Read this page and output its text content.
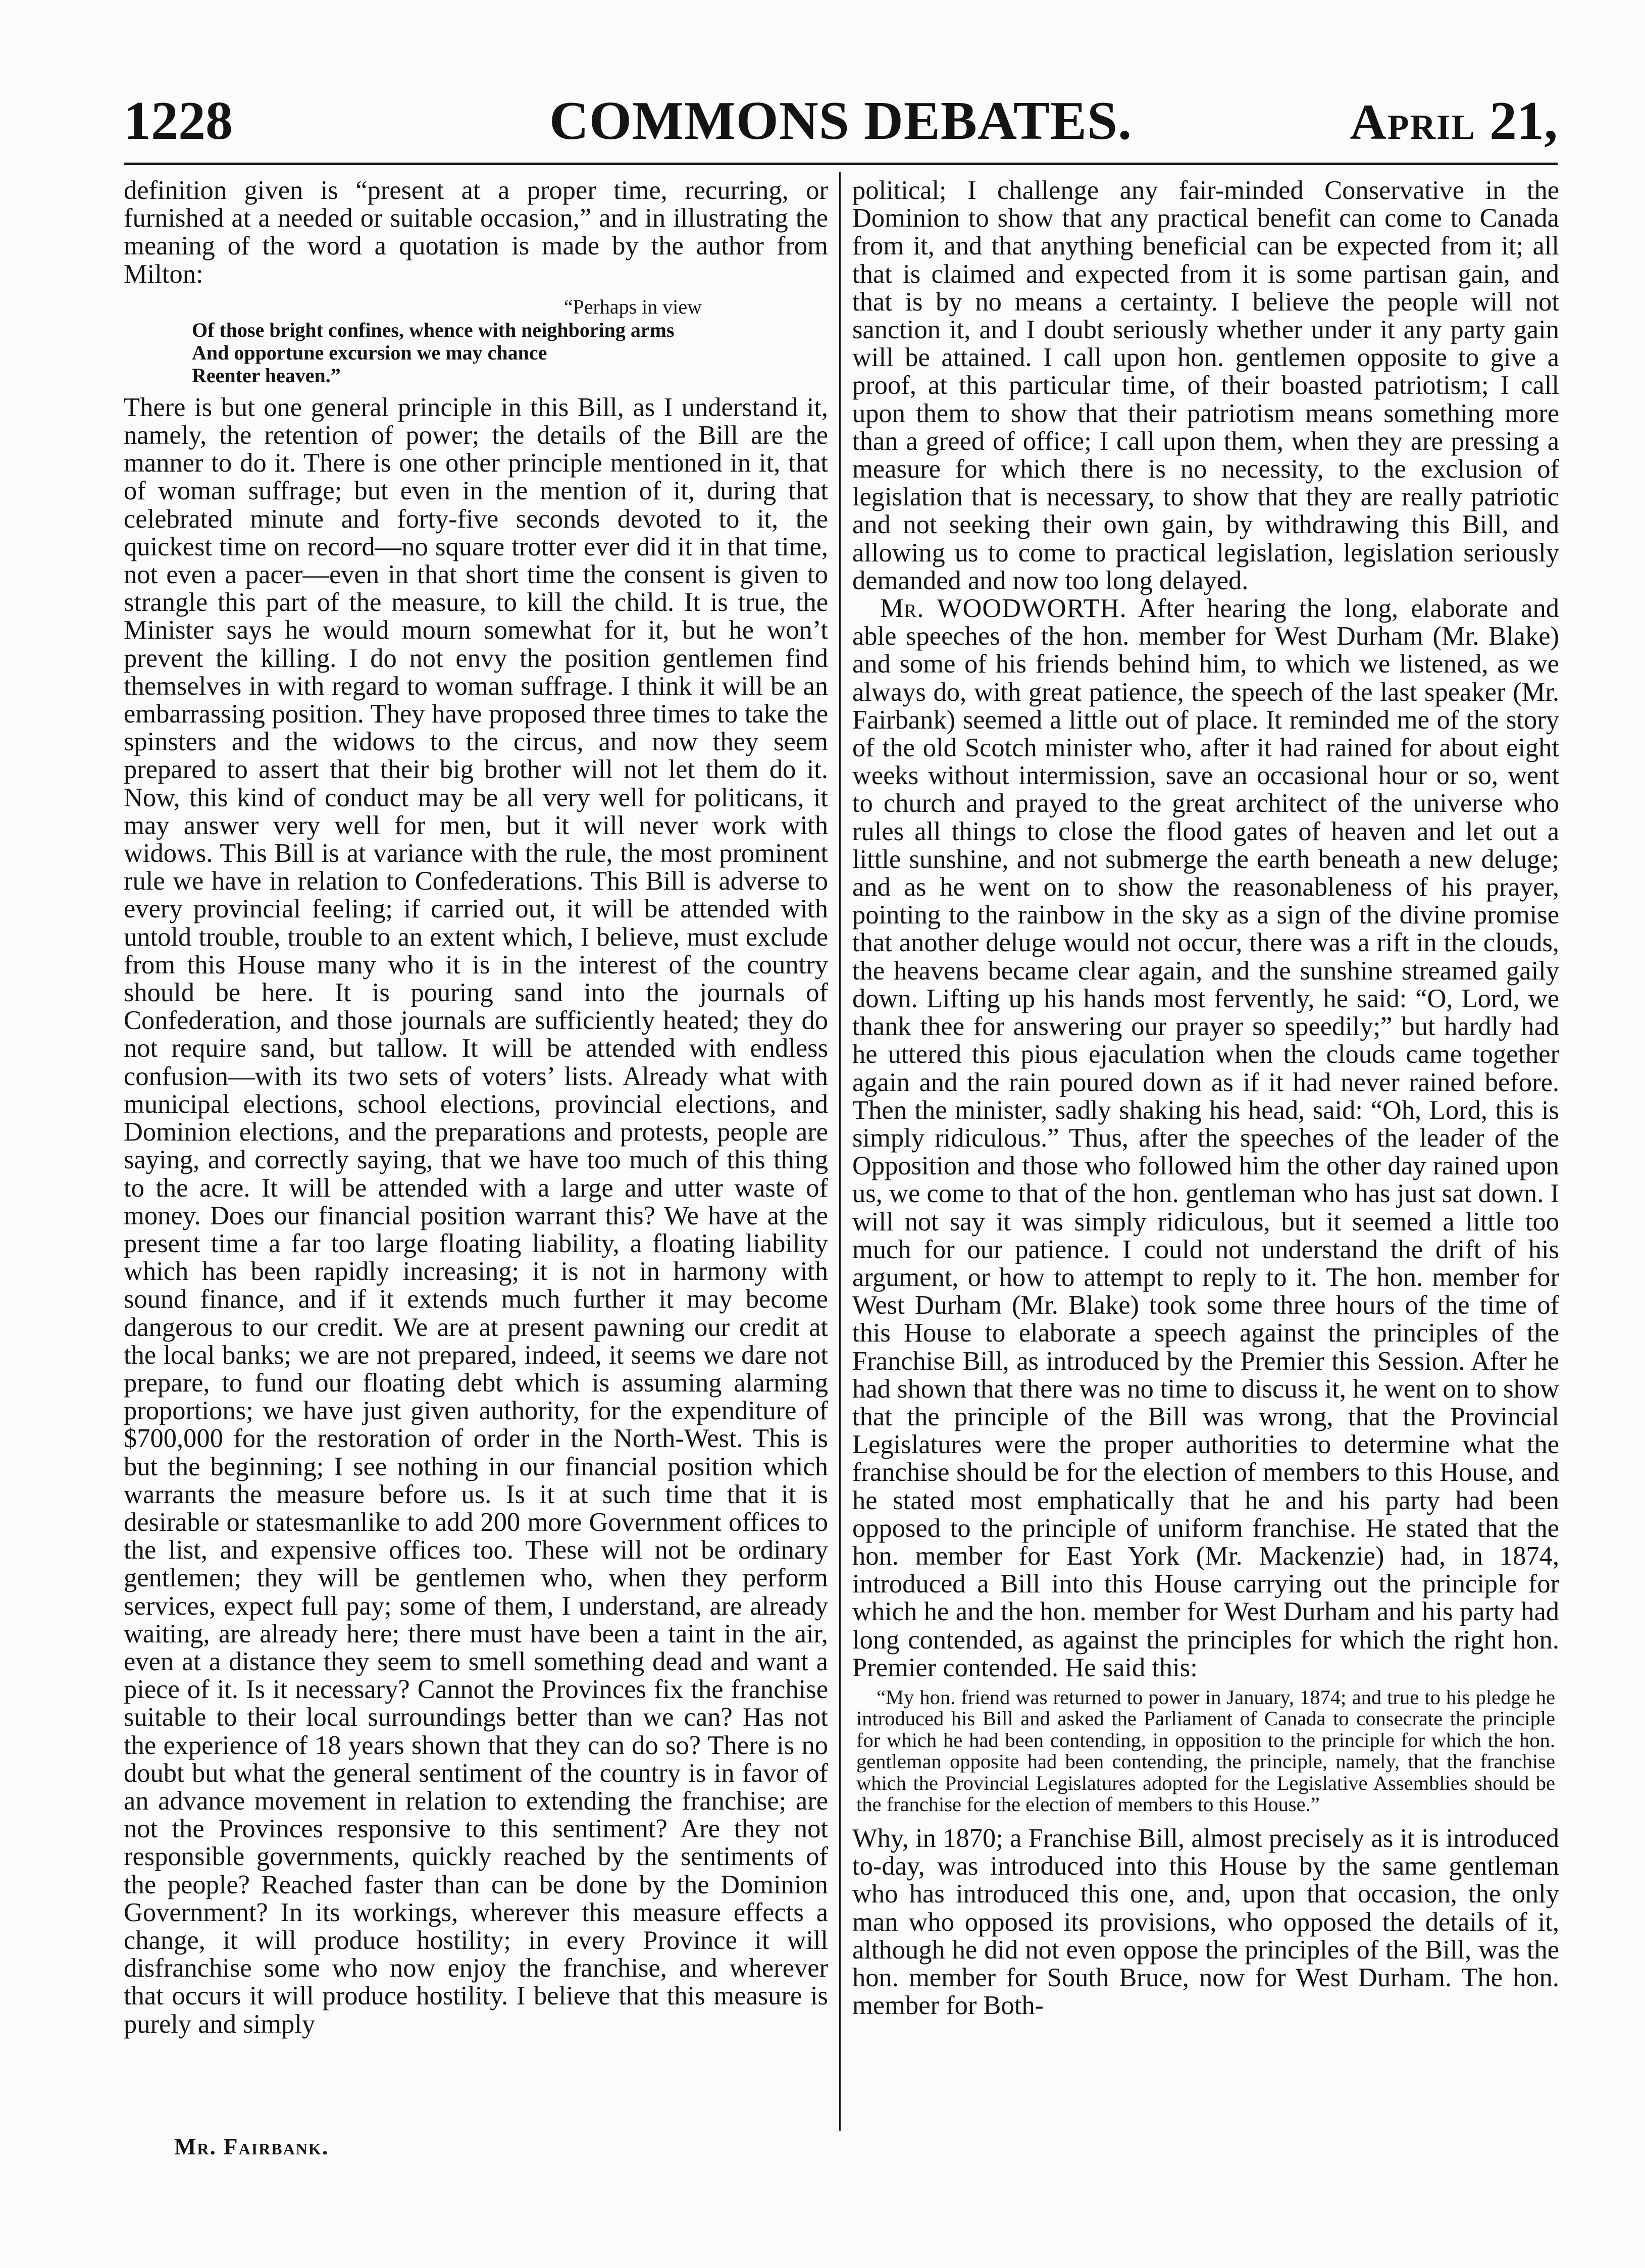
1228	COMMONS DEBATES.	April 21,

definition given is “present at a proper time, recurring, or furnished at a needed or suitable occasion,” and in illustrating the meaning of the word a quotation is made by the author from Milton:

“Perhaps in view
Of those bright confines, whence with neighboring arms
And opportune excursion we may chance
Reenter heaven.”

There is but one general principle in this Bill, as I understand it, namely, the retention of power; the details of the Bill are the manner to do it. There is one other principle mentioned in it, that of woman suffrage; but even in the mention of it, during that celebrated minute and forty-five seconds devoted to it, the quickest time on record—no square trotter ever did it in that time, not even a pacer—even in that short time the consent is given to strangle this part of the measure, to kill the child. It is true, the Minister says he would mourn somewhat for it, but he won’t prevent the killing. I do not envy the position gentlemen find themselves in with regard to woman suffrage. I think it will be an embarrassing position. They have proposed three times to take the spinsters and the widows to the circus, and now they seem prepared to assert that their big brother will not let them do it. Now, this kind of conduct may be all very well for politicans, it may answer very well for men, but it will never work with widows. This Bill is at variance with the rule, the most prominent rule we have in relation to Confederations. This Bill is adverse to every provincial feeling; if carried out, it will be attended with untold trouble, trouble to an extent which, I believe, must exclude from this House many who it is in the interest of the country should be here. It is pouring sand into the journals of Confederation, and those journals are sufficiently heated; they do not require sand, but tallow. It will be attended with endless confusion—with its two sets of voters’ lists. Already what with municipal elections, school elections, provincial elections, and Dominion elections, and the preparations and protests, people are saying, and correctly saying, that we have too much of this thing to the acre. It will be attended with a large and utter waste of money. Does our financial position warrant this? We have at the present time a far too large floating liability, a floating liability which has been rapidly increasing; it is not in harmony with sound finance, and if it extends much further it may become dangerous to our credit. We are at present pawning our credit at the local banks; we are not prepared, indeed, it seems we dare not prepare, to fund our floating debt which is assuming alarming proportions; we have just given authority, for the expenditure of $700,000 for the restoration of order in the North-West. This is but the beginning; I see nothing in our financial position which warrants the measure before us. Is it at such time that it is desirable or statesmanlike to add 200 more Government offices to the list, and expensive offices too. These will not be ordinary gentlemen; they will be gentlemen who, when they perform services, expect full pay; some of them, I understand, are already waiting, are already here; there must have been a taint in the air, even at a distance they seem to smell something dead and want a piece of it. Is it necessary? Cannot the Provinces fix the franchise suitable to their local surroundings better than we can? Has not the experience of 18 years shown that they can do so? There is no doubt but what the general sentiment of the country is in favor of an advance movement in relation to extending the franchise; are not the Provinces responsive to this sentiment? Are they not responsible governments, quickly reached by the sentiments of the people? Reached faster than can be done by the Dominion Government? In its workings, wherever this measure effects a change, it will produce hostility; in every Province it will disfranchise some who now enjoy the franchise, and wherever that occurs it will produce hostility. I believe that this measure is purely and simply

political; I challenge any fair-minded Conservative in the Dominion to show that any practical benefit can come to Canada from it, and that anything beneficial can be expected from it; all that is claimed and expected from it is some partisan gain, and that is by no means a certainty. I believe the people will not sanction it, and I doubt seriously whether under it any party gain will be attained. I call upon hon. gentlemen opposite to give a proof, at this particular time, of their boasted patriotism; I call upon them to show that their patriotism means something more than a greed of office; I call upon them, when they are pressing a measure for which there is no necessity, to the exclusion of legislation that is necessary, to show that they are really patriotic and not seeking their own gain, by withdrawing this Bill, and allowing us to come to practical legislation, legislation seriously demanded and now too long delayed.

Mr. WOODWORTH. After hearing the long, elaborate and able speeches of the hon. member for West Durham (Mr. Blake) and some of his friends behind him, to which we listened, as we always do, with great patience, the speech of the last speaker (Mr. Fairbank) seemed a little out of place. It reminded me of the story of the old Scotch minister who, after it had rained for about eight weeks without intermission, save an occasional hour or so, went to church and prayed to the great architect of the universe who rules all things to close the flood gates of heaven and let out a little sunshine, and not submerge the earth beneath a new deluge; and as he went on to show the reasonableness of his prayer, pointing to the rainbow in the sky as a sign of the divine promise that another deluge would not occur, there was a rift in the clouds, the heavens became clear again, and the sunshine streamed gaily down. Lifting up his hands most fervently, he said: “O, Lord, we thank thee for answering our prayer so speedily;” but hardly had he uttered this pious ejaculation when the clouds came together again and the rain poured down as if it had never rained before. Then the minister, sadly shaking his head, said: “Oh, Lord, this is simply ridiculous.” Thus, after the speeches of the leader of the Opposition and those who followed him the other day rained upon us, we come to that of the hon. gentleman who has just sat down. I will not say it was simply ridiculous, but it seemed a little too much for our patience. I could not understand the drift of his argument, or how to attempt to reply to it. The hon. member for West Durham (Mr. Blake) took some three hours of the time of this House to elaborate a speech against the principles of the Franchise Bill, as introduced by the Premier this Session. After he had shown that there was no time to discuss it, he went on to show that the principle of the Bill was wrong, that the Provincial Legislatures were the proper authorities to determine what the franchise should be for the election of members to this House, and he stated most emphatically that he and his party had been opposed to the principle of uniform franchise. He stated that the hon. member for East York (Mr. Mackenzie) had, in 1874, introduced a Bill into this House carrying out the principle for which he and the hon. member for West Durham and his party had long contended, as against the principles for which the right hon. Premier contended. He said this:

“My hon. friend was returned to power in January, 1874; and true to his pledge he introduced his Bill and asked the Parliament of Canada to consecrate the principle for which he had been contending, in opposition to the principle for which the hon. gentleman opposite had been contending, the principle, namely, that the franchise which the Provincial Legislatures adopted for the Legislative Assemblies should be the franchise for the election of members to this House.”

Why, in 1870; a Franchise Bill, almost precisely as it is introduced to-day, was introduced into this House by the same gentleman who has introduced this one, and, upon that occasion, the only man who opposed its provisions, who opposed the details of it, although he did not even oppose the principles of the Bill, was the hon. member for South Bruce, now for West Durham. The hon. member for Both-

Mr. Fairbank.
